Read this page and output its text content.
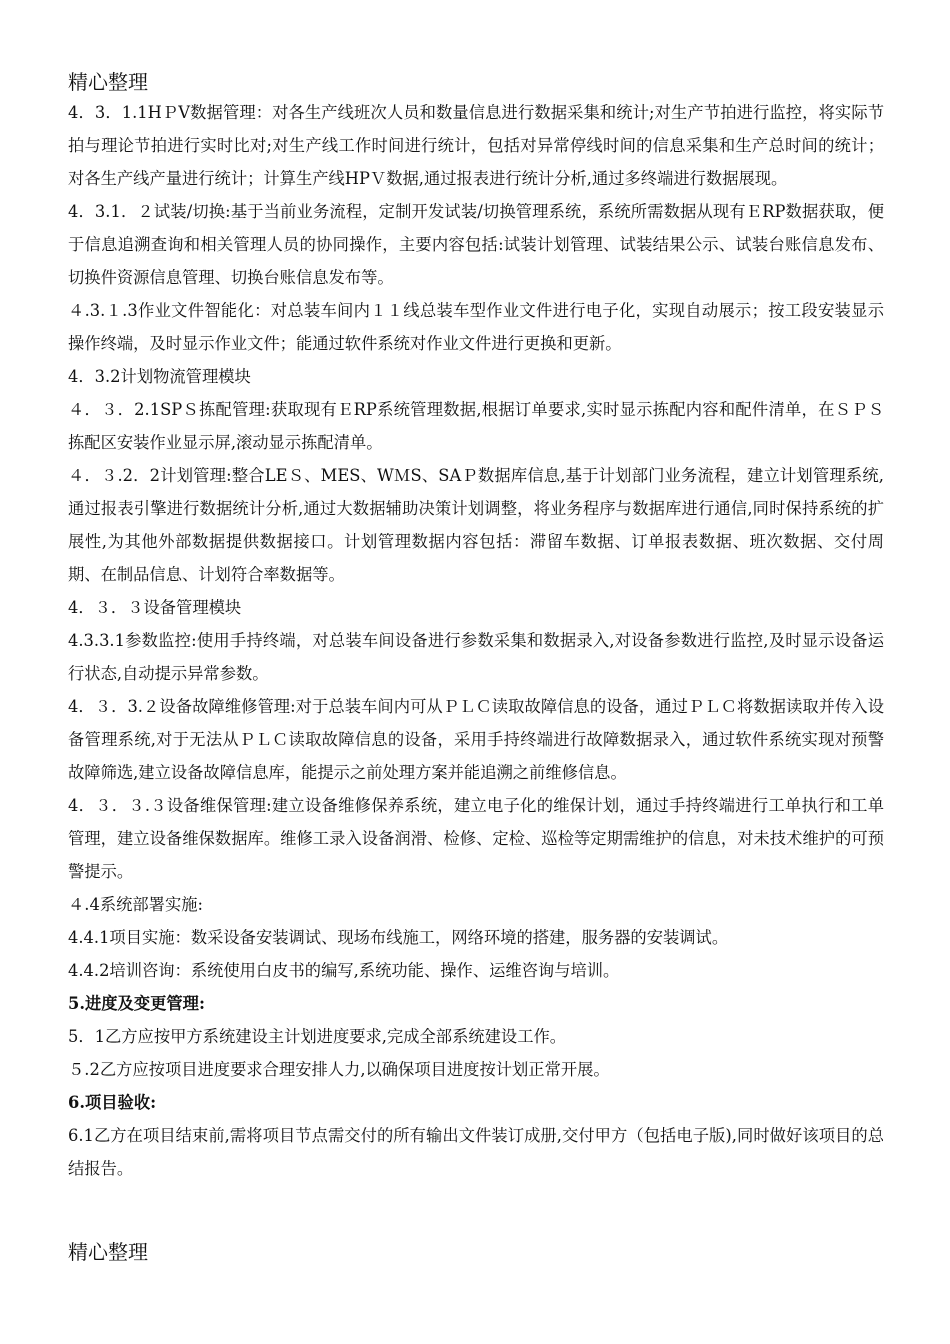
精心整理

4．3．1.1HＰV数据管理：对各生产线班次人员和数量信息进行数据采集和统计;对生产节拍进行监控，将实际节拍与理论节拍进行实时比对;对生产线工作时间进行统计，包括对异常停线时间的信息采集和生产总时间的统计；对各生产线产量进行统计；计算生产线HPＶ数据,通过报表进行统计分析,通过多终端进行数据展现。

4．3.1．２试装/切换:基于当前业务流程，定制开发试装/切换管理系统，系统所需数据从现有ＥRP数据获取，便于信息追溯查询和相关管理人员的协同操作，主要内容包括:试装计划管理、试装结果公示、试装台账信息发布、切换件资源信息管理、切换台账信息发布等。

４.3.１.3作业文件智能化：对总装车间内１１线总装车型作业文件进行电子化，实现自动展示；按工段安装显示操作终端，及时显示作业文件；能通过软件系统对作业文件进行更换和更新。

4．3.2计划物流管理模块

４．３．2.1SPＳ拣配管理:获取现有ＥRP系统管理数据,根据订单要求,实时显示拣配内容和配件清单，在ＳＰＳ拣配区安装作业显示屏,滚动显示拣配清单。

４．３.2．2计划管理:整合LEＳ、MES、WＭS、SAＰ数据库信息,基于计划部门业务流程，建立计划管理系统,通过报表引擎进行数据统计分析,通过大数据辅助决策计划调整，将业务程序与数据库进行通信,同时保持系统的扩展性,为其他外部数据提供数据接口。计划管理数据内容包括：滞留车数据、订单报表数据、班次数据、交付周期、在制品信息、计划符合率数据等。

4．３．３设备管理模块

4.3.3.1参数监控:使用手持终端，对总装车间设备进行参数采集和数据录入,对设备参数进行监控,及时显示设备运行状态,自动提示异常参数。

4．３．3.２设备故障维修管理:对于总装车间内可从ＰＬＣ读取故障信息的设备，通过ＰＬＣ将数据读取并传入设备管理系统,对于无法从ＰＬＣ读取故障信息的设备，采用手持终端进行故障数据录入，通过软件系统实现对预警故障筛选,建立设备故障信息库，能提示之前处理方案并能追溯之前维修信息。

4．３．３.３设备维保管理:建立设备维修保养系统，建立电子化的维保计划，通过手持终端进行工单执行和工单管理，建立设备维保数据库。维修工录入设备润滑、检修、定检、巡检等定期需维护的信息，对未技术维护的可预警提示。

４.4系统部署实施:

4.4.1项目实施：数采设备安装调试、现场布线施工，网络环境的搭建，服务器的安装调试。

4.4.2培训咨询：系统使用白皮书的编写,系统功能、操作、运维咨询与培训。

5.进度及变更管理:

5．1乙方应按甲方系统建设主计划进度要求,完成全部系统建设工作。

５.2乙方应按项目进度要求合理安排人力,以确保项目进度按计划正常开展。

6.项目验收:

6.1乙方在项目结束前,需将项目节点需交付的所有输出文件装订成册,交付甲方（包括电子版),同时做好该项目的总结报告。

精心整理
